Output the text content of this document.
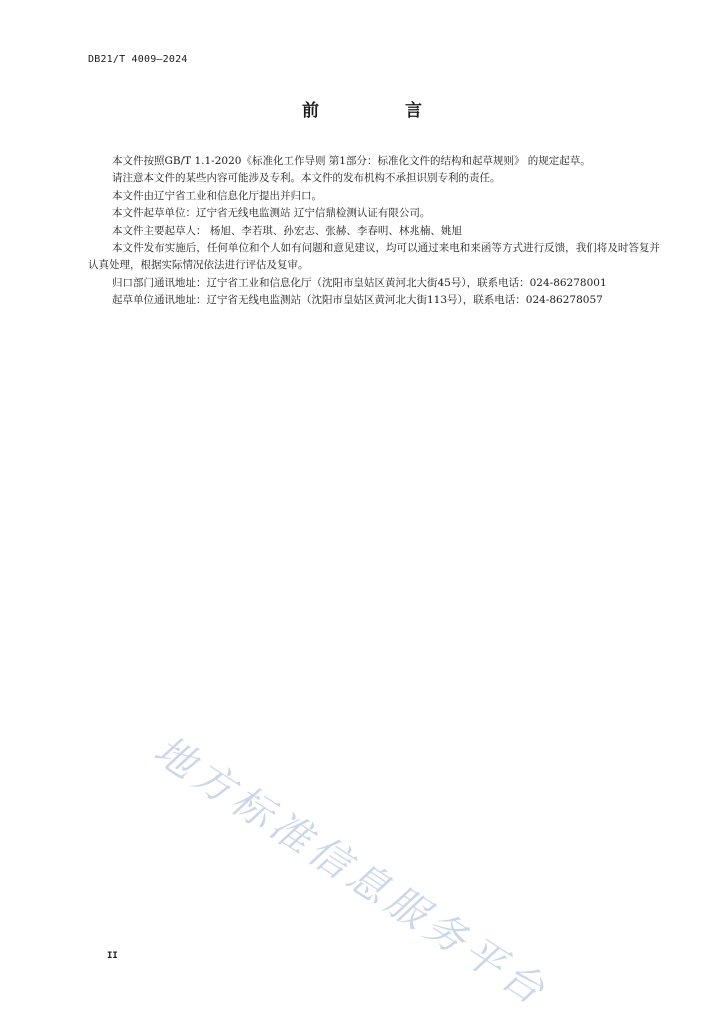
DB21/T 4009—2024
前 言

本文件按照GB/T 1.1-2020《标准化工作导则 第1部分：标准化文件的结构和起草规则》 的规定起草。

请注意本文件的某些内容可能涉及专利。本文件的发布机构不承担识别专利的责任。

本文件由辽宁省工业和信息化厅提出并归口。

本文件起草单位：辽宁省无线电监测站 辽宁信鼎检测认证有限公司。

本文件主要起草人： 杨旭、李若琪、孙宏志、张赫、李春明、林兆楠、姚旭

本文件发布实施后，任何单位和个人如有问题和意见建议，均可以通过来电和来函等方式进行反馈，我们将及时答复并认真处理，根据实际情况依法进行评估及复审。

归口部门通讯地址：辽宁省工业和信息化厅（沈阳市皇姑区黄河北大街45号），联系电话：024-86278001

起草单位通讯地址：辽宁省无线电监测站（沈阳市皇姑区黄河北大街113号），联系电话：024-86278057

地方标准信息服务平台
II
